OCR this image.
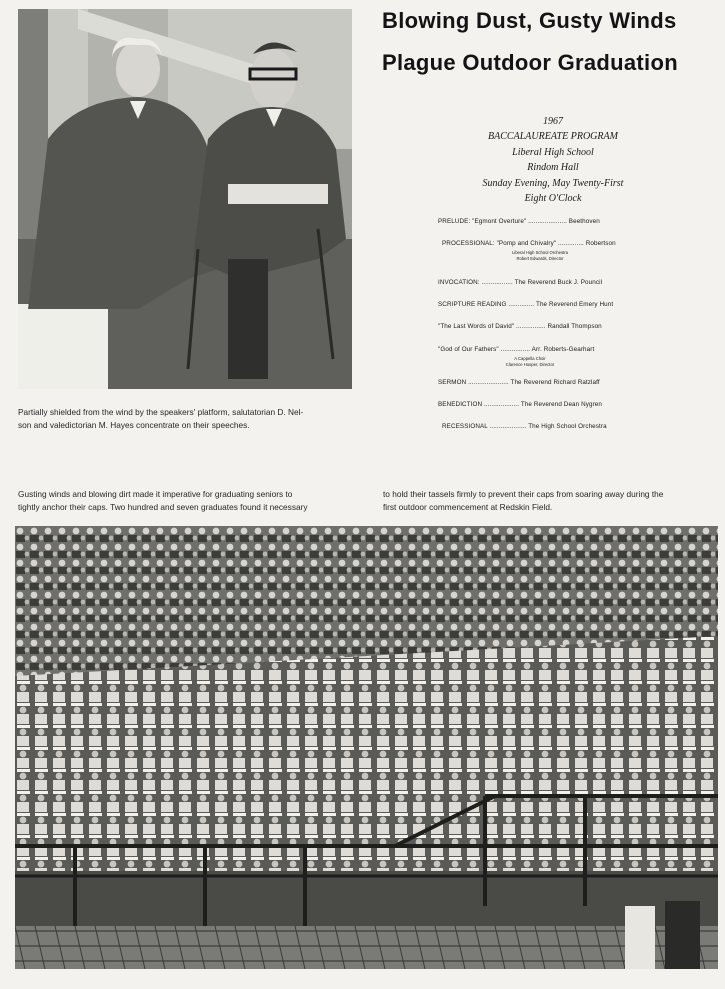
Blowing Dust, Gusty Winds
Plague Outdoor Graduation
1967
BACCALAUREATE PROGRAM
Liberal High School
Rindom Hall
Sunday Evening, May Twenty-First
Eight O'Clock
PRELUDE: "Egmont Overture" ..................... Beethoven
PROCESSIONAL: "Pomp and Chivalry" .............. Robertson
Liberal High School Orchestra
Robert Edwards, Director
INVOCATION: ................. The Reverend Buck J. Pouncil
SCRIPTURE READING .............. The Reverend Emery Hunt
"The Last Words of David" ................ Randall Thompson
"God of Our Fathers" ................ Arr. Roberts-Gearhart
A Cappella Choir
Clarence Hooper, Director
SERMON ...................... The Reverend Richard Ratzlaff
BENEDICTION ................... The Reverend Dean Nygren
RECESSIONAL .................... The High School Orchestra
Partially shielded from the wind by the speakers' platform, salutatorian D. Nel-
son and valedictorian M. Hayes concentrate on their speeches.
Gusting winds and blowing dirt made it imperative for graduating seniors to
tightly anchor their caps. Two hundred and seven graduates found it necessary
to hold their tassels firmly to prevent their caps from soaring away during the
first outdoor commencement at Redskin Field.
